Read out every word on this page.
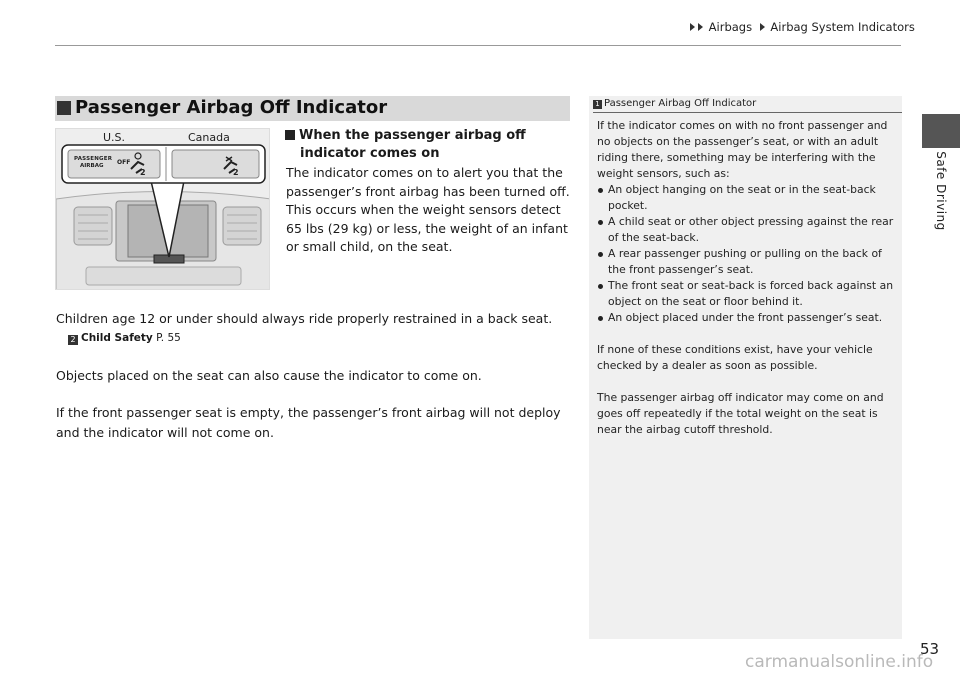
Airbags Airbag System Indicators
Safe Driving
Passenger Airbag Off Indicator
2	2
U.S.	Canada
PASSENGER
AIRBAG OFF
When the passenger airbag off
indicator comes on
The indicator comes on to alert you that the passenger’s front airbag has been turned off. This occurs when the weight sensors detect 65 lbs (29 kg) or less, the weight of an infant or small child, on the seat.
Children age 12 or under should always ride properly restrained in a back seat.
2 Child Safety P. 55
Objects placed on the seat can also cause the indicator to come on.
If the front passenger seat is empty, the passenger’s front airbag will not deploy and the indicator will not come on.
1 Passenger Airbag Off Indicator
If the indicator comes on with no front passenger and no objects on the passenger’s seat, or with an adult riding there, something may be interfering with the weight sensors, such as:
An object hanging on the seat or in the seat-back pocket.
A child seat or other object pressing against the rear of the seat-back.
A rear passenger pushing or pulling on the back of the front passenger’s seat.
The front seat or seat-back is forced back against an object on the seat or floor behind it.
An object placed under the front passenger’s seat.
If none of these conditions exist, have your vehicle checked by a dealer as soon as possible.
The passenger airbag off indicator may come on and goes off repeatedly if the total weight on the seat is near the airbag cutoff threshold.
53
carmanualsonline.info
